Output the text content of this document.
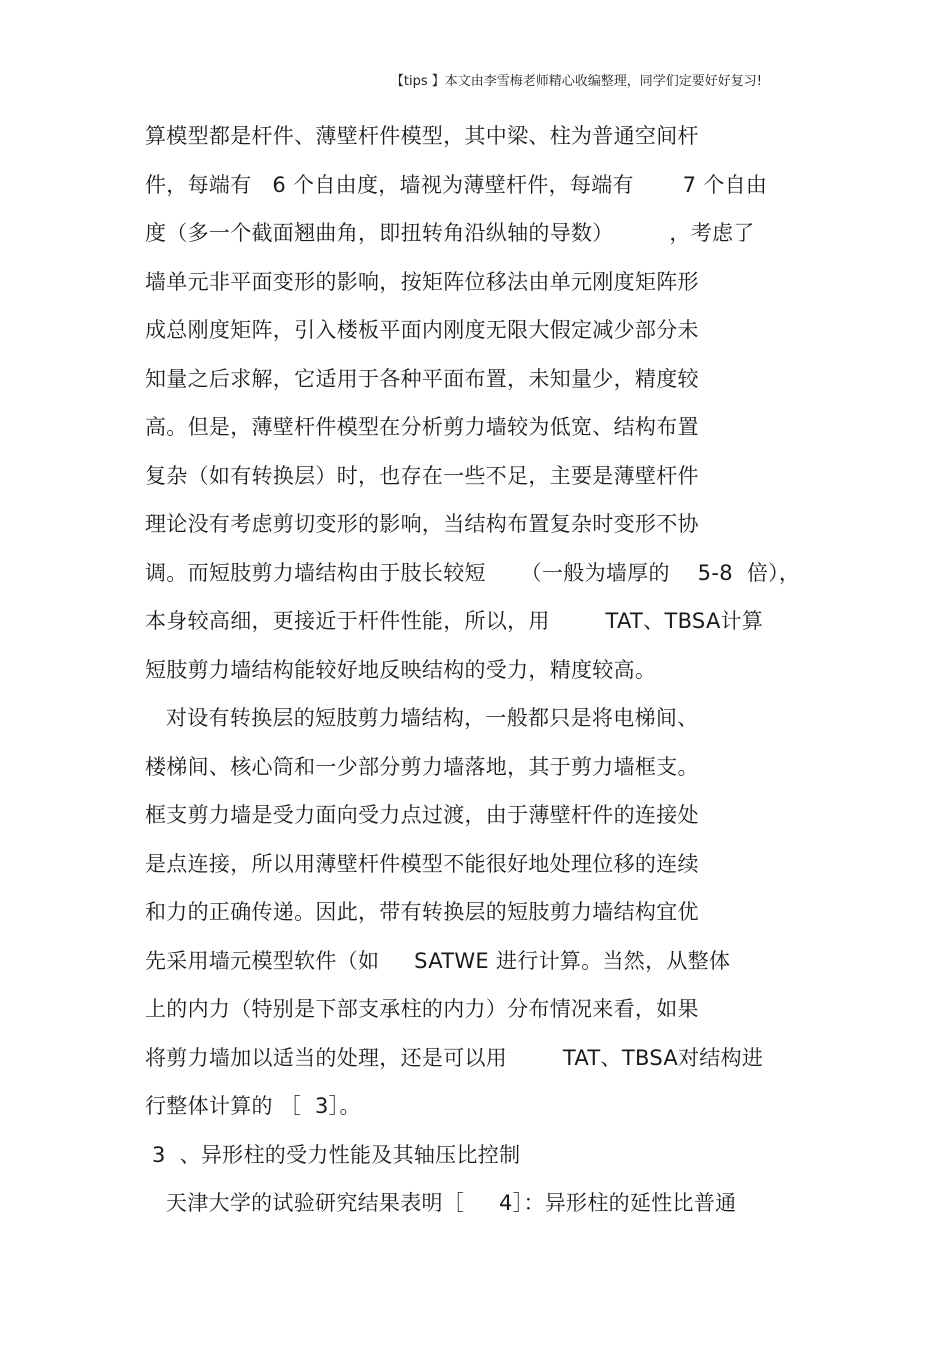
【tips 】本文由李雪梅老师精心收编整理，同学们定要好好复习!
算模型都是杆件、薄壁杆件模型，其中梁、柱为普通空间杆
件，每端有   6 个自由度，墙视为薄壁杆件，每端有       7 个自由
度（多一个截面翘曲角，即扭转角沿纵轴的导数）        ，考虑了
墙单元非平面变形的影响，按矩阵位移法由单元刚度矩阵形
成总刚度矩阵，引入楼板平面内刚度无限大假定减少部分未
知量之后求解，它适用于各种平面布置，未知量少，精度较
高。但是，薄壁杆件模型在分析剪力墙较为低宽、结构布置
复杂（如有转换层）时，也存在一些不足，主要是薄壁杆件
理论没有考虑剪切变形的影响，当结构布置复杂时变形不协
调。而短肢剪力墙结构由于肢长较短     （一般为墙厚的    5-8  倍），
本身较高细，更接近于杆件性能，所以，用        TAT、TBSA计算
短肢剪力墙结构能较好地反映结构的受力，精度较高。
对设有转换层的短肢剪力墙结构，一般都只是将电梯间、
楼梯间、核心筒和一少部分剪力墙落地，其于剪力墙框支。
框支剪力墙是受力面向受力点过渡，由于薄壁杆件的连接处
是点连接，所以用薄壁杆件模型不能很好地处理位移的连续
和力的正确传递。因此，带有转换层的短肢剪力墙结构宜优
先采用墙元模型软件（如     SATWE 进行计算。当然，从整体
上的内力（特别是下部支承柱的内力）分布情况来看，如果
将剪力墙加以适当的处理，还是可以用        TAT、TBSA对结构进
行整体计算的 ［  3］。
3  、异形柱的受力性能及其轴压比控制
天津大学的试验研究结果表明［     4］：异形柱的延性比普通
